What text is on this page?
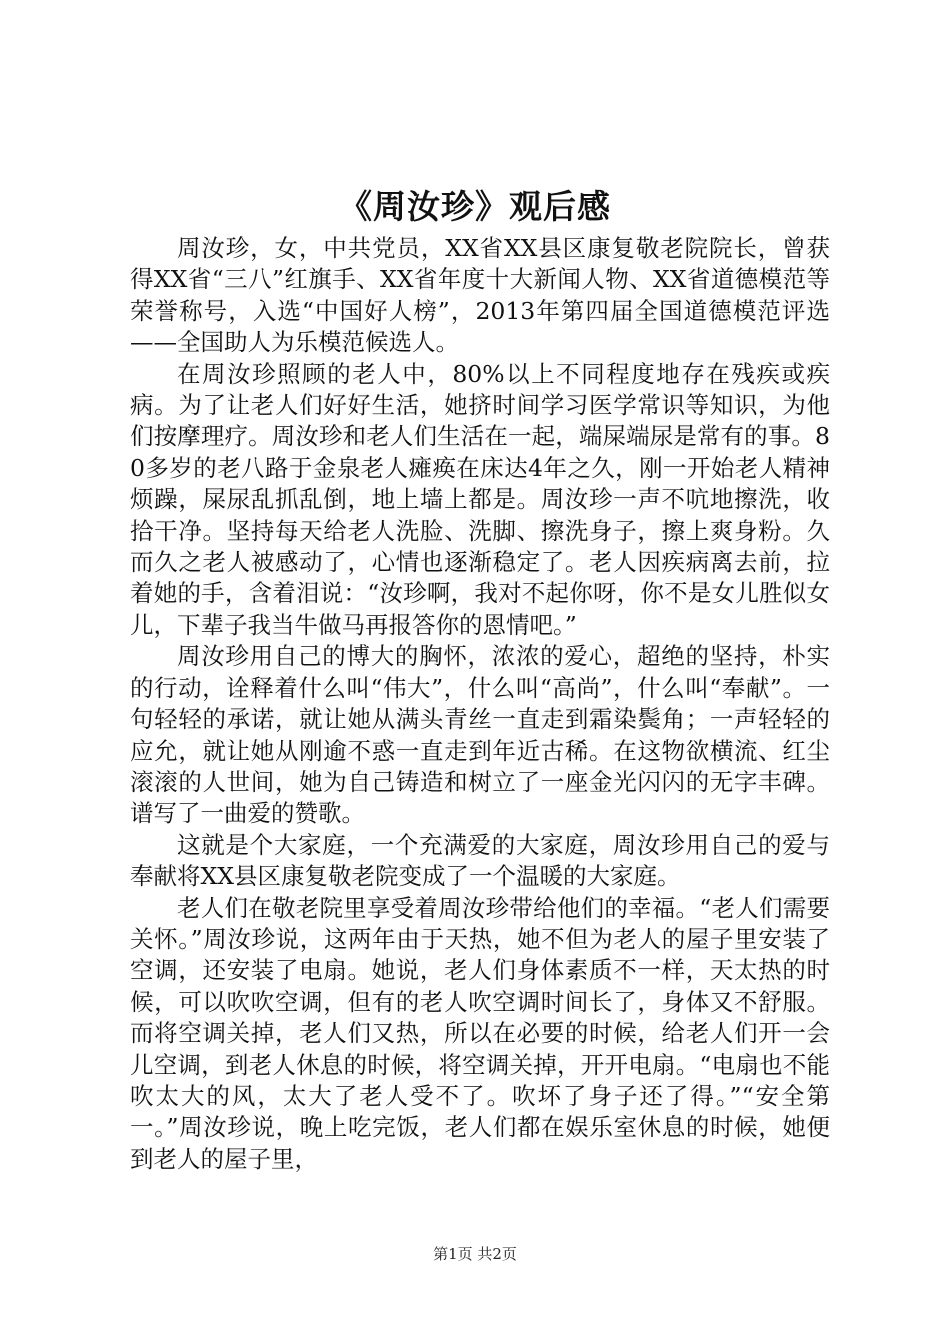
《周汝珍》观后感

周汝珍，女，中共党员，XX省XX县区康复敬老院院长，曾获得XX省“三八”红旗手、XX省年度十大新闻人物、XX省道德模范等荣誉称号，入选“中国好人榜”，2013年第四届全国道德模范评选——全国助人为乐模范候选人。

在周汝珍照顾的老人中，80%以上不同程度地存在残疾或疾病。为了让老人们好好生活，她挤时间学习医学常识等知识，为他们按摩理疗。周汝珍和老人们生活在一起，端屎端尿是常有的事。80多岁的老八路于金泉老人瘫痪在床达4年之久，刚一开始老人精神烦躁，屎尿乱抓乱倒，地上墙上都是。周汝珍一声不吭地擦洗，收拾干净。坚持每天给老人洗脸、洗脚、擦洗身子，擦上爽身粉。久而久之老人被感动了，心情也逐渐稳定了。老人因疾病离去前，拉着她的手，含着泪说：“汝珍啊，我对不起你呀，你不是女儿胜似女儿，下辈子我当牛做马再报答你的恩情吧。”

周汝珍用自己的博大的胸怀，浓浓的爱心，超绝的坚持，朴实的行动，诠释着什么叫“伟大”，什么叫“高尚”，什么叫“奉献”。一句轻轻的承诺，就让她从满头青丝一直走到霜染鬓角；一声轻轻的应允，就让她从刚逾不惑一直走到年近古稀。在这物欲横流、红尘滚滚的人世间，她为自己铸造和树立了一座金光闪闪的无字丰碑。谱写了一曲爱的赞歌。

这就是个大家庭，一个充满爱的大家庭，周汝珍用自己的爱与奉献将XX县区康复敬老院变成了一个温暖的大家庭。

老人们在敬老院里享受着周汝珍带给他们的幸福。“老人们需要关怀。”周汝珍说，这两年由于天热，她不但为老人的屋子里安装了空调，还安装了电扇。她说，老人们身体素质不一样，天太热的时候，可以吹吹空调，但有的老人吹空调时间长了，身体又不舒服。而将空调关掉，老人们又热，所以在必要的时候，给老人们开一会儿空调，到老人休息的时候，将空调关掉，开开电扇。“电扇也不能吹太大的风，太大了老人受不了。吹坏了身子还了得。”“安全第一。”周汝珍说，晚上吃完饭，老人们都在娱乐室休息的时候，她便到老人的屋子里，

第1页 共2页
